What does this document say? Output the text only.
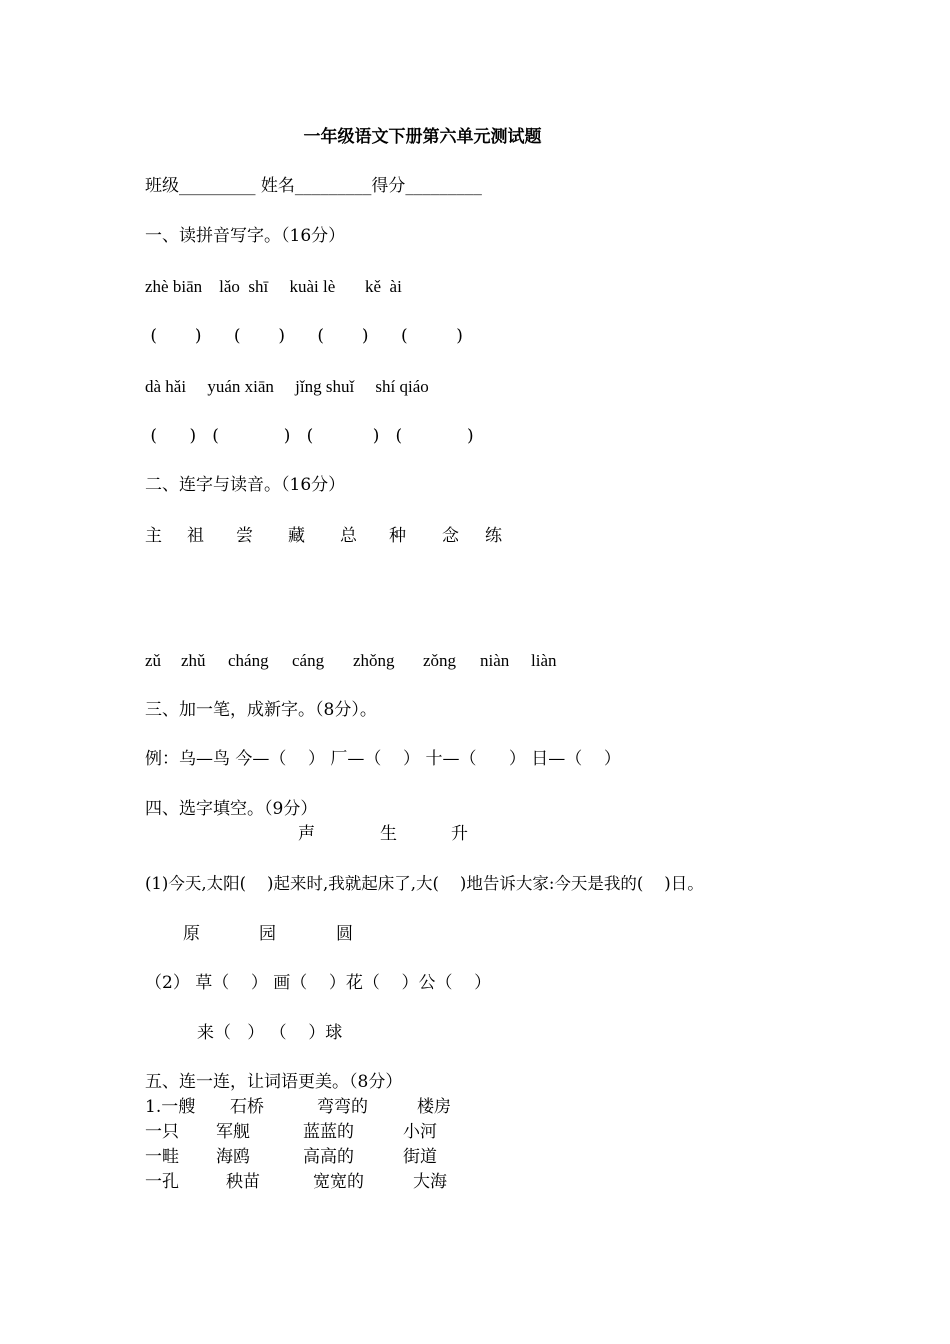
一年级语文下册第六单元测试题
班级_________ 姓名_________得分_________
一、读拼音写字。（16分）
zhè biān    lǎo  shī     kuài lè       kě  ài
(       )      (       )      (       )      (         )
dà hǎi     yuán xiān     jǐng shuǐ     shí qiáo
(      )   (            )   (           )   (            )
二、连字与读音。（16分）
主 祖 尝 藏 总 种 念 练
zǔ zhǔ cháng cáng zhǒng zǒng niàn liàn
三、加一笔，成新字。（8分）。
例：乌—鸟 今—（    ） 厂—（    ） 十—（      ） 日—（    ）
四、选字填空。（9分）
声	生	升
(1)今天,太阳(    )起来时,我就起床了,大(    )地告诉大家:今天是我的(    )日。
原	园	圆
（2） 草（    ） 画（    ）花（    ）公（    ）
来（   ） （    ）球
五、连一连，让词语更美。（8分）
1.一艘 石桥	弯弯的	楼房
一只 军舰	蓝蓝的	小河
一畦 海鸥	高高的	街道
一孔	秧苗	宽宽的	大海
